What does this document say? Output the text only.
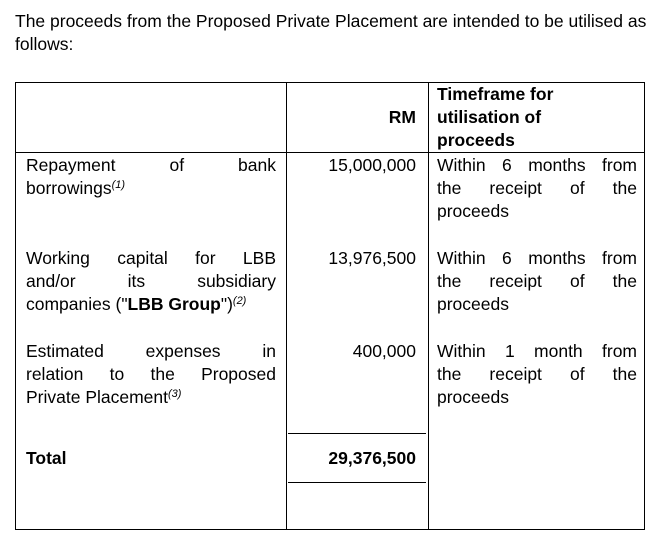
The proceeds from the Proposed Private Placement are intended to be utilised as follows:

RM
Timeframe for
utilisation of
proceeds
Repayment of bank
borrowings$^{(1)}$
15,000,000 Within 6 months from
the receipt of the
proceeds
Working capital for LBB
and/or its subsidiary
companies ("LBB Group")$^{(2)}$
13,976,500 Within 6 months from
the receipt of the
proceeds
Estimated expenses in
relation to the Proposed
Private Placement$^{(3)}$
400,000 Within 1 month from
the receipt of the
proceeds
Total	29,376,500
